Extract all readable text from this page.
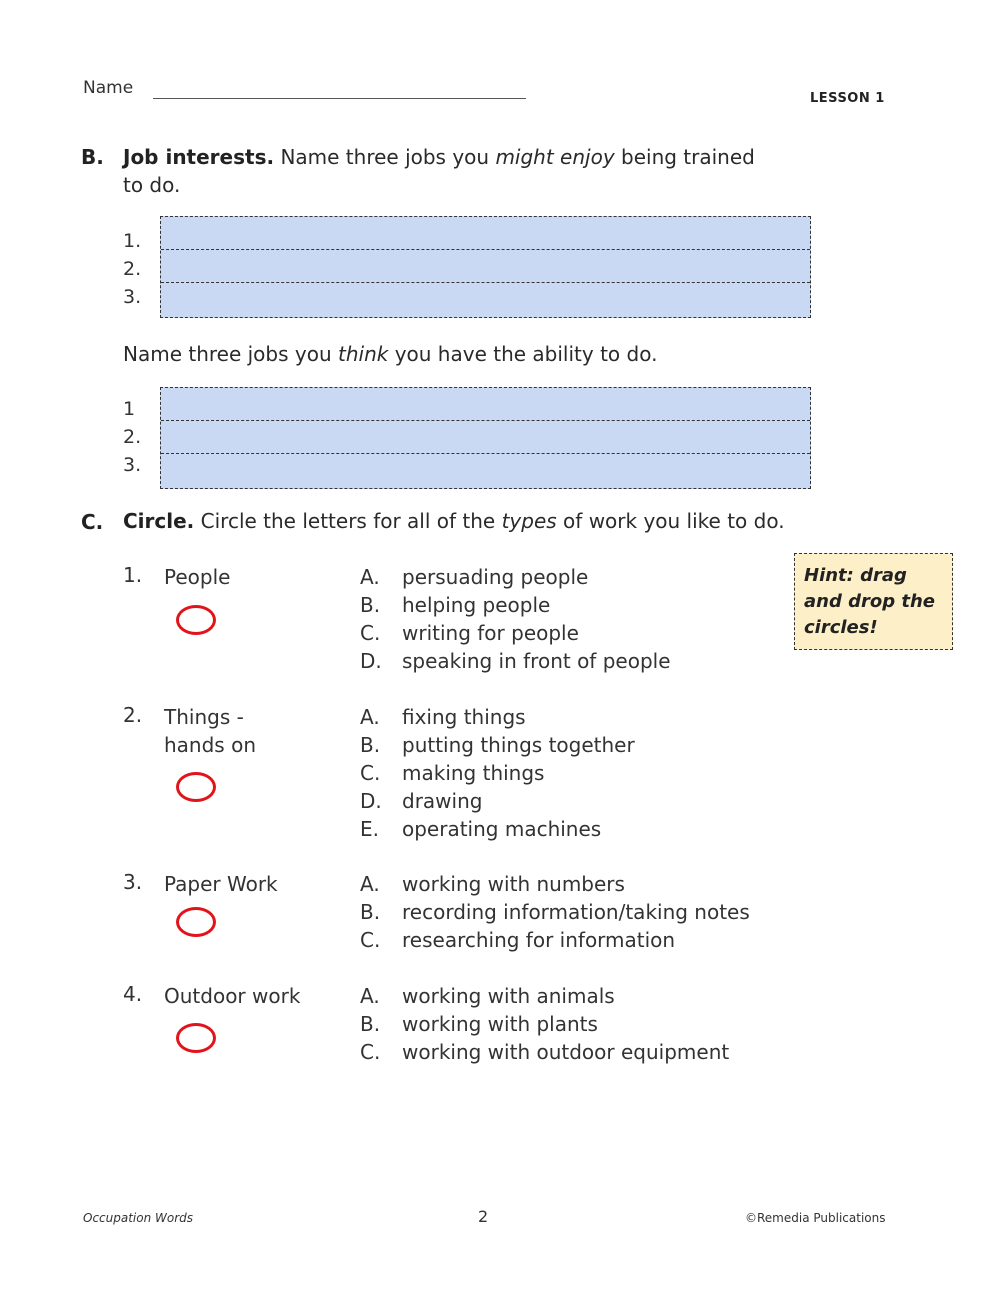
Name
LESSON 1
B. Job interests. Name three jobs you might enjoy being trained
to do.
1.
2.
3.
Name three jobs you think you have the ability to do.
1
2.
3.
C. Circle. Circle the letters for all of the types of work you like to do.
1. People	A.	persuading people
B.	helping people
C.	writing for people
D.	speaking in front of people
Hint: drag and drop the circles!
2. Things -
hands on
A.	fixing things
B.	putting things together
C.	making things
D.	drawing
E.	operating machines
3. Paper Work	A.	working with numbers
B.	recording information/taking notes
C.	researching for information
4. Outdoor work	A.	working with animals
B.	working with plants
C.	working with outdoor equipment
Occupation Words	2	©Remedia Publications
